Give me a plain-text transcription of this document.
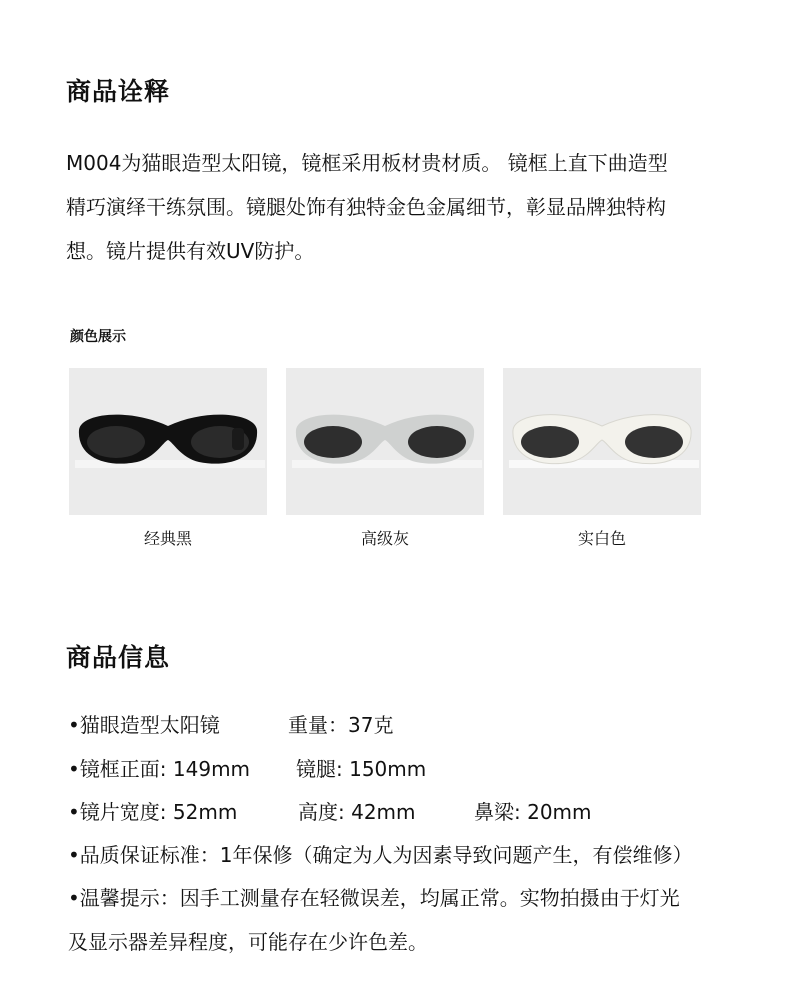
商品诠释
M004为猫眼造型太阳镜，镜框采用板材贵材质。 镜框上直下曲造型
精巧演绎干练氛围。镜腿处饰有独特金色金属细节，彰显品牌独特构
想。镜片提供有效UV防护。
颜色展示
经典黑	高级灰	实白色
商品信息
•猫眼造型太阳镜	重量：37克
•镜框正面: 149mm 镜腿: 150mm
•镜片宽度: 52mm	高度: 42mm	鼻梁: 20mm
•品质保证标准：1年保修（确定为人为因素导致问题产生，有偿维修）
•温馨提示：因手工测量存在轻微误差，均属正常。实物拍摄由于灯光
及显示器差异程度，可能存在少许色差。
